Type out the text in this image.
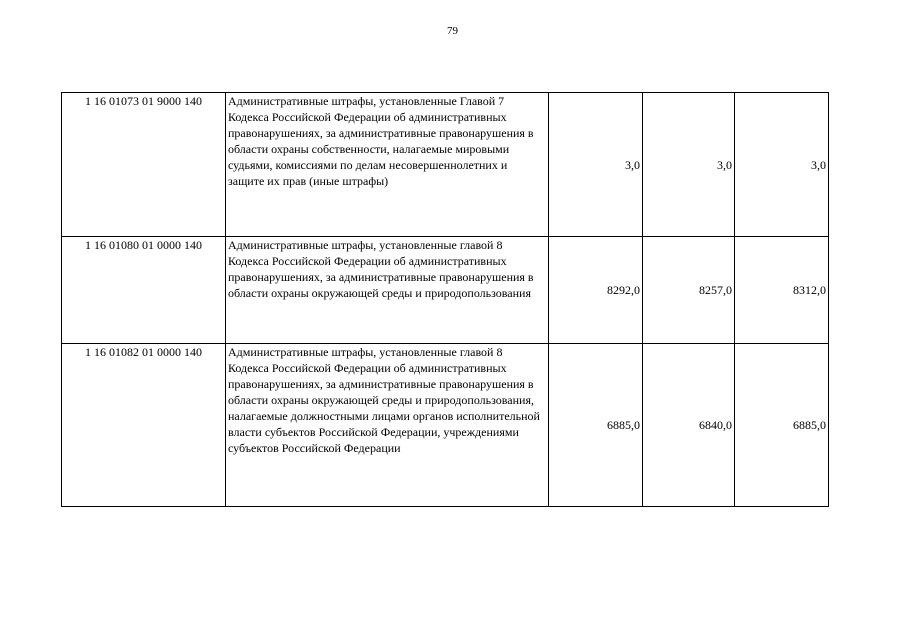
79
1 16 01073 01 9000 140	Административные штрафы, установленные Главой 7 Кодекса Российской Федерации об административных правонарушениях, за административные правонарушения в области охраны собственности, налагаемые мировыми судьями, комиссиями по делам несовершеннолетних и защите их прав (иные штрафы)	3,0	3,0	3,0
1 16 01080 01 0000 140	Административные штрафы, установленные главой 8 Кодекса Российской Федерации об административных правонарушениях, за административные правонарушения в области охраны окружающей среды и природопользования	8292,0	8257,0	8312,0
1 16 01082 01 0000 140	Административные штрафы, установленные главой 8 Кодекса Российской Федерации об административных правонарушениях, за административные правонарушения в области охраны окружающей среды и природопользования, налагаемые должностными лицами органов исполнительной власти субъектов Российской Федерации, учреждениями субъектов Российской Федерации	6885,0	6840,0	6885,0
